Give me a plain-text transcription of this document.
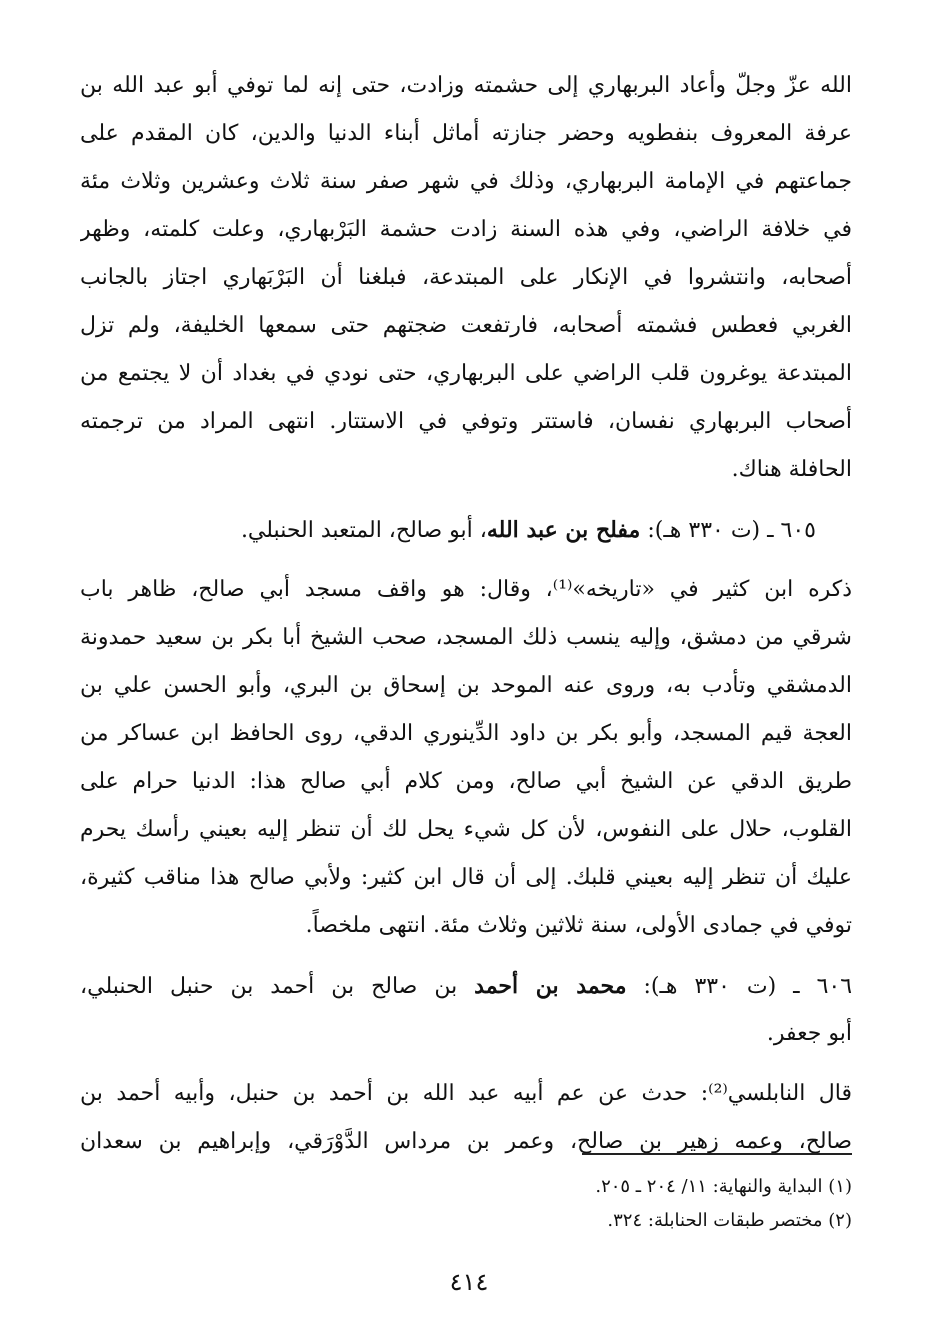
الله عزّ وجلّ وأعاد البربهاري إلى حشمته وزادت، حتى إنه لما توفي أبو عبد الله بن
عرفة المعروف بنفطويه وحضر جنازته أماثل أبناء الدنيا والدين، كان المقدم على
جماعتهم في الإمامة البربهاري، وذلك في شهر صفر سنة ثلاث وعشرين وثلاث مئة
في خلافة الراضي، وفي هذه السنة زادت حشمة البَرْبهاري، وعلت كلمته، وظهر
أصحابه، وانتشروا في الإنكار على المبتدعة، فبلغنا أن البَرْبَهاري اجتاز بالجانب
الغربي فعطس فشمته أصحابه، فارتفعت ضجتهم حتى سمعها الخليفة، ولم تزل
المبتدعة يوغرون قلب الراضي على البربهاري، حتى نودي في بغداد أن لا يجتمع من
أصحاب البربهاري نفسان، فاستتر وتوفي في الاستتار. انتهى المراد من ترجمته
الحافلة هناك.
٦٠٥ ـ (ت ٣٣٠ هـ): مفلح بن عبد الله، أبو صالح، المتعبد الحنبلي.
ذكره ابن كثير في «تاريخه»⁽¹⁾، وقال: هو واقف مسجد أبي صالح، ظاهر باب
شرقي من دمشق، وإليه ينسب ذلك المسجد، صحب الشيخ أبا بكر بن سعيد حمدونة
الدمشقي وتأدب به، وروى عنه الموحد بن إسحاق بن البري، وأبو الحسن علي بن
العجة قيم المسجد، وأبو بكر بن داود الدِّينوري الدقي، روى الحافظ ابن عساكر من
طريق الدقي عن الشيخ أبي صالح، ومن كلام أبي صالح هذا: الدنيا حرام على
القلوب، حلال على النفوس، لأن كل شيء يحل لك أن تنظر إليه بعيني رأسك يحرم
عليك أن تنظر إليه بعيني قلبك. إلى أن قال ابن كثير: ولأبي صالح هذا مناقب كثيرة،
توفي في جمادى الأولى، سنة ثلاثين وثلاث مئة. انتهى ملخصاً.
٦٠٦ ـ (ت ٣٣٠ هـ): محمد بن أحمد بن صالح بن أحمد بن حنبل الحنبلي،
أبو جعفر.
قال النابلسي⁽²⁾: حدث عن عم أبيه عبد الله بن أحمد بن حنبل، وأبيه أحمد بن
صالح، وعمه زهير بن صالح، وعمر بن مرداس الدَّوْرَقي، وإبراهيم بن سعدان
(١) البداية والنهاية: ١١/ ٢٠٤ ـ ٢٠٥.
(٢) مختصر طبقات الحنابلة: ٣٢٤.
٤١٤
